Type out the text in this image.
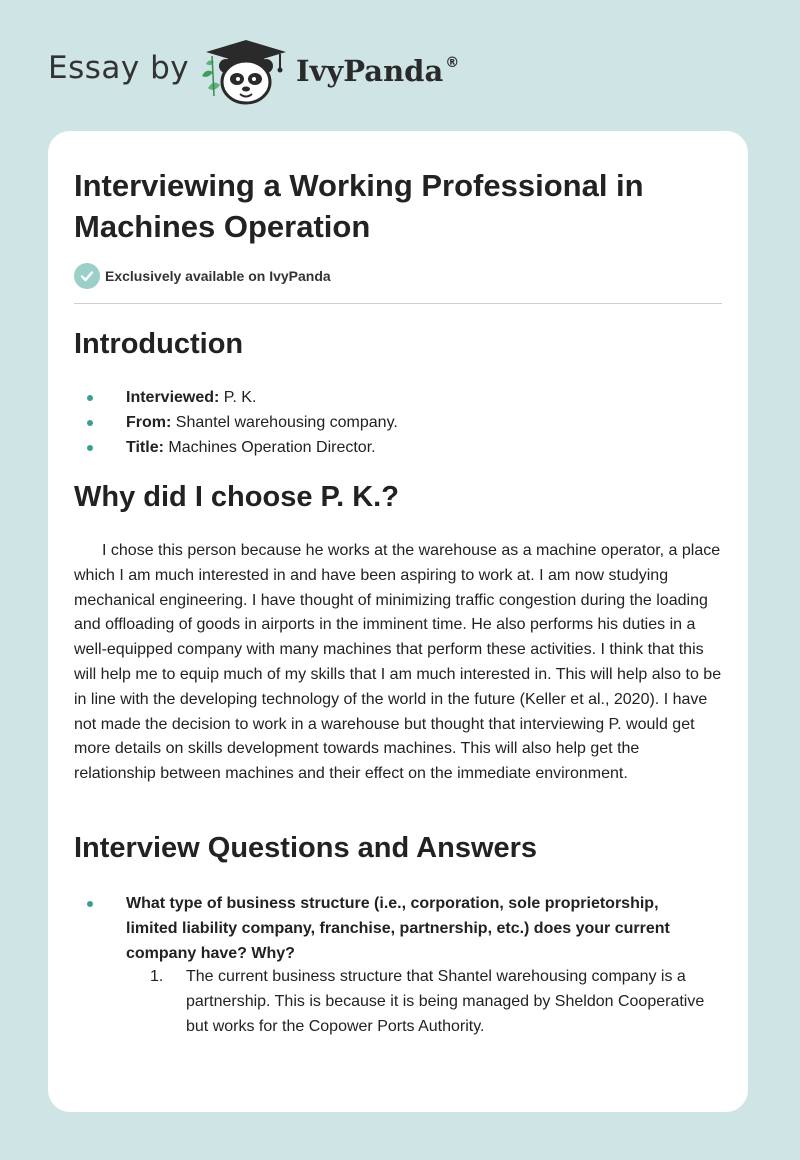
Essay by	IvyPanda ®
Interviewing a Working Professional in Machines Operation
Exclusively available on IvyPanda
Introduction
Interviewed: P. K.
From: Shantel warehousing company.
Title: Machines Operation Director.
Why did I choose P. K.?

I chose this person because he works at the warehouse as a machine operator, a place which I am much interested in and have been aspiring to work at. I am now studying mechanical engineering. I have thought of minimizing traffic congestion during the loading and offloading of goods in airports in the imminent time. He also performs his duties in a well-equipped company with many machines that perform these activities. I think that this will help me to equip much of my skills that I am much interested in. This will help also to be in line with the developing technology of the world in the future (Keller et al., 2020). I have not made the decision to work in a warehouse but thought that interviewing P. would get more details on skills development towards machines. This will also help get the relationship between machines and their effect on the immediate environment.

Interview Questions and Answers
What type of business structure (i.e., corporation, sole proprietorship, limited liability company, franchise, partnership, etc.) does your current company have? Why?
1. The current business structure that Shantel warehousing company is a partnership. This is because it is being managed by Sheldon Cooperative but works for the Copower Ports Authority.
